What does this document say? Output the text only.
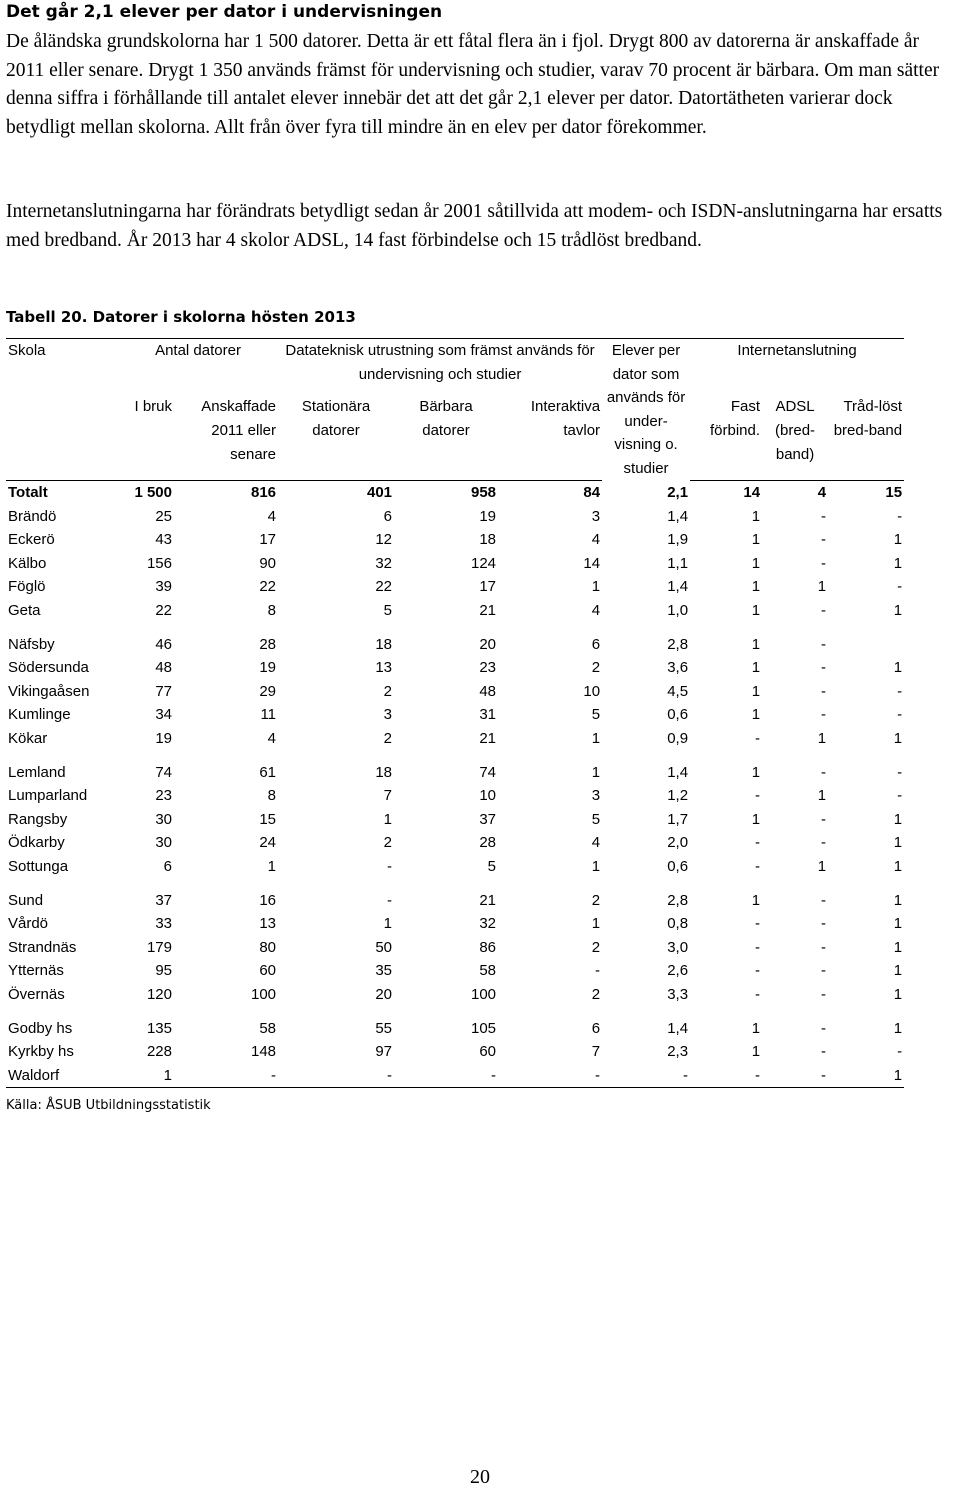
Det går 2,1 elever per dator i undervisningen

De åländska grundskolorna har 1 500 datorer. Detta är ett fåtal flera än i fjol. Drygt 800 av datorerna är anskaffade år 2011 eller senare. Drygt 1 350 används främst för undervisning och studier, varav 70 procent är bärbara. Om man sätter denna siffra i förhållande till antalet elever innebär det att det går 2,1 elever per dator. Datortätheten varierar dock betydligt mellan skolorna. Allt från över fyra till mindre än en elev per dator förekommer.

Internetanslutningarna har förändrats betydligt sedan år 2001 såtillvida att modem- och ISDN-anslutningarna har ersatts med bredband. År 2013 har 4 skolor ADSL, 14 fast förbindelse och 15 trådlöst bredband.

Tabell 20. Datorer i skolorna hösten 2013

Skola	Antal datorer		Datateknisk utrustning som främst används för undervisning och studier			Elever per dator som används för under-visning o. studier	Internetanslutning		
	I bruk	Anskaffade 2011 eller senare	Stationära datorer	Bärbara datorer	Interaktiva tavlor		Fast förbind.	ADSL (bred-band)	Tråd-löst bred-band
Totalt	1 500	816	401	958	84	2,1	14	4	15
Brändö	25	4	6	19	3	1,4	1	-	-
Eckerö	43	17	12	18	4	1,9	1	-	1
Kälbo	156	90	32	124	14	1,1	1	-	1
Föglö	39	22	22	17	1	1,4	1	1	-
Geta	22	8	5	21	4	1,0	1	-	1

Näfsby	46	28	18	20	6	2,8	1	-	
Södersunda	48	19	13	23	2	3,6	1	-	1
Vikingaåsen	77	29	2	48	10	4,5	1	-	-
Kumlinge	34	11	3	31	5	0,6	1	-	-
Kökar	19	4	2	21	1	0,9	-	1	1

Lemland	74	61	18	74	1	1,4	1	-	-
Lumparland	23	8	7	10	3	1,2	-	1	-
Rangsby	30	15	1	37	5	1,7	1	-	1
Ödkarby	30	24	2	28	4	2,0	-	-	1
Sottunga	6	1	-	5	1	0,6	-	1	1

Sund	37	16	-	21	2	2,8	1	-	1
Vårdö	33	13	1	32	1	0,8	-	-	1
Strandnäs	179	80	50	86	2	3,0	-	-	1
Ytternäs	95	60	35	58	-	2,6	-	-	1
Övernäs	120	100	20	100	2	3,3	-	-	1

Godby hs	135	58	55	105	6	1,4	1	-	1
Kyrkby hs	228	148	97	60	7	2,3	1	-	-
Waldorf	1	-	-	-	-	-	-	-	1

Källa: ÅSUB Utbildningsstatistik

20
